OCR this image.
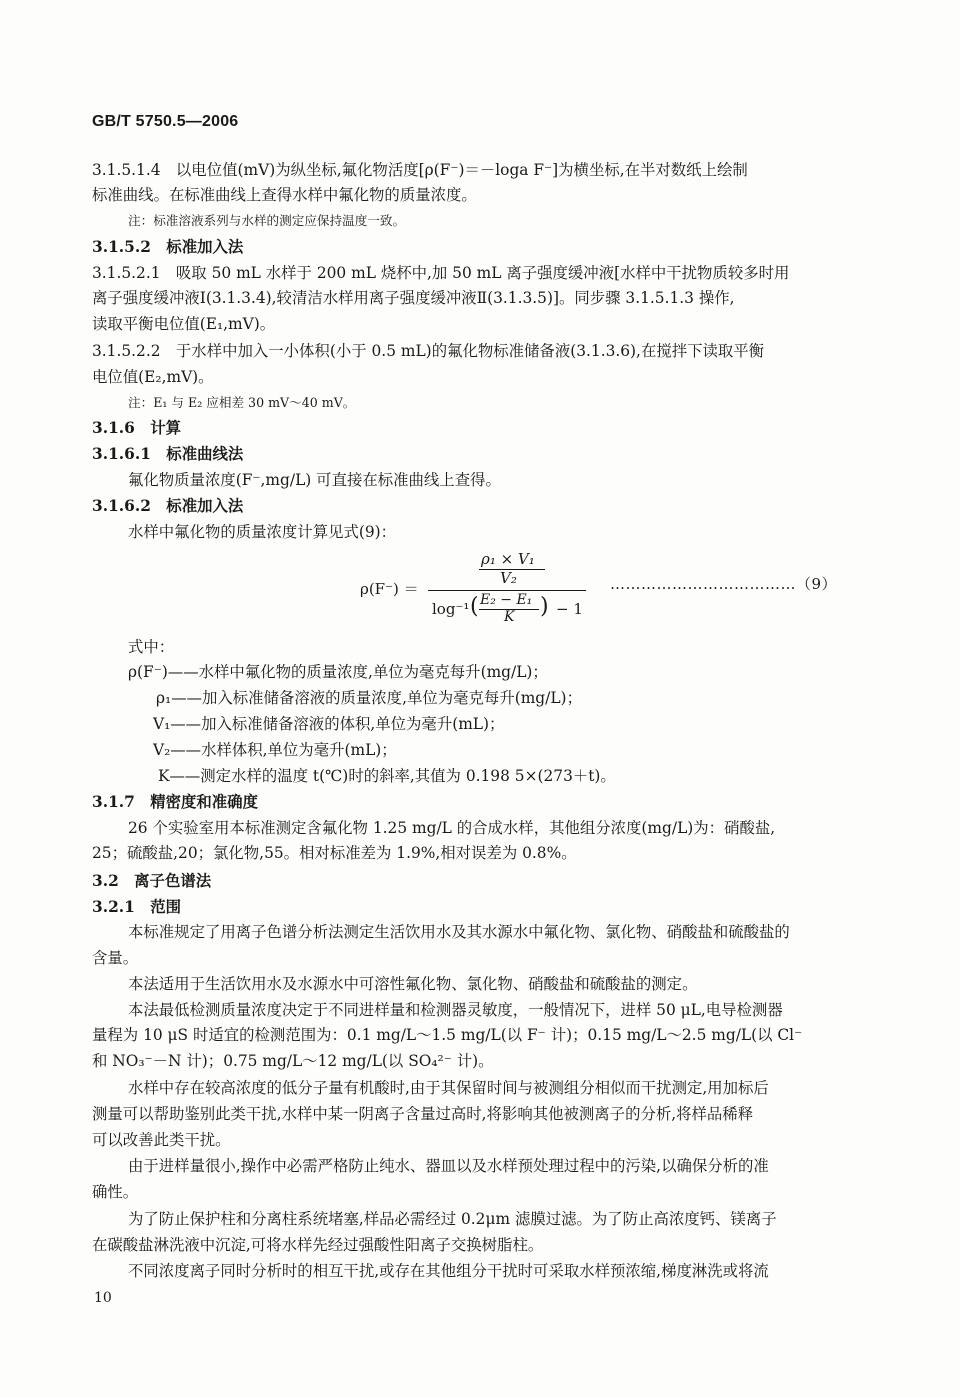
GB/T 5750.5—2006
3.1.5.1.4　以电位值(mV)为纵坐标,氟化物活度[ρ(F⁻)＝－loga F⁻]为横坐标,在半对数纸上绘制
标准曲线。在标准曲线上查得水样中氟化物的质量浓度。
注：标准溶液系列与水样的测定应保持温度一致。
3.1.5.2　标准加入法
3.1.5.2.1　吸取 50 mL 水样于 200 mL 烧杯中,加 50 mL 离子强度缓冲液[水样中干扰物质较多时用
离子强度缓冲液Ⅰ(3.1.3.4),较清洁水样用离子强度缓冲液Ⅱ(3.1.3.5)]。同步骤 3.1.5.1.3 操作,
读取平衡电位值(E₁,mV)。
3.1.5.2.2　于水样中加入一小体积(小于 0.5 mL)的氟化物标准储备液(3.1.3.6),在搅拌下读取平衡
电位值(E₂,mV)。
注：E₁ 与 E₂ 应相差 30 mV～40 mV。
3.1.6　计算
3.1.6.1　标准曲线法
氟化物质量浓度(F⁻,mg/L) 可直接在标准曲线上查得。
3.1.6.2　标准加入法
水样中氟化物的质量浓度计算见式(9)：
ρ(F⁻) ＝
ρ₁ × V₁
V₂
log⁻¹ ( E₂ − E₁
K ) − 1
………………………………（9）
式中：
ρ(F⁻)——水样中氟化物的质量浓度,单位为毫克每升(mg/L)；
ρ₁——加入标准储备溶液的质量浓度,单位为毫克每升(mg/L)；
V₁——加入标准储备溶液的体积,单位为毫升(mL)；
V₂——水样体积,单位为毫升(mL)；
K——测定水样的温度 t(℃)时的斜率,其值为 0.198 5×(273＋t)。
3.1.7　精密度和准确度
26 个实验室用本标准测定含氟化物 1.25 mg/L 的合成水样，其他组分浓度(mg/L)为：硝酸盐,
25；硫酸盐,20；氯化物,55。相对标准差为 1.9%,相对误差为 0.8%。
3.2　离子色谱法
3.2.1　范围
本标准规定了用离子色谱分析法测定生活饮用水及其水源水中氟化物、氯化物、硝酸盐和硫酸盐的
含量。
本法适用于生活饮用水及水源水中可溶性氟化物、氯化物、硝酸盐和硫酸盐的测定。
本法最低检测质量浓度决定于不同进样量和检测器灵敏度，一般情况下，进样 50 μL,电导检测器
量程为 10 μS 时适宜的检测范围为：0.1 mg/L～1.5 mg/L(以 F⁻ 计)；0.15 mg/L～2.5 mg/L(以 Cl⁻
和 NO₃⁻－N 计)；0.75 mg/L～12 mg/L(以 SO₄²⁻ 计)。
水样中存在较高浓度的低分子量有机酸时,由于其保留时间与被测组分相似而干扰测定,用加标后
测量可以帮助鉴别此类干扰,水样中某一阴离子含量过高时,将影响其他被测离子的分析,将样品稀释
可以改善此类干扰。
由于进样量很小,操作中必需严格防止纯水、器皿以及水样预处理过程中的污染,以确保分析的准
确性。
为了防止保护柱和分离柱系统堵塞,样品必需经过 0.2μm 滤膜过滤。为了防止高浓度钙、镁离子
在碳酸盐淋洗液中沉淀,可将水样先经过强酸性阳离子交换树脂柱。
不同浓度离子同时分析时的相互干扰,或存在其他组分干扰时可采取水样预浓缩,梯度淋洗或将流
10
